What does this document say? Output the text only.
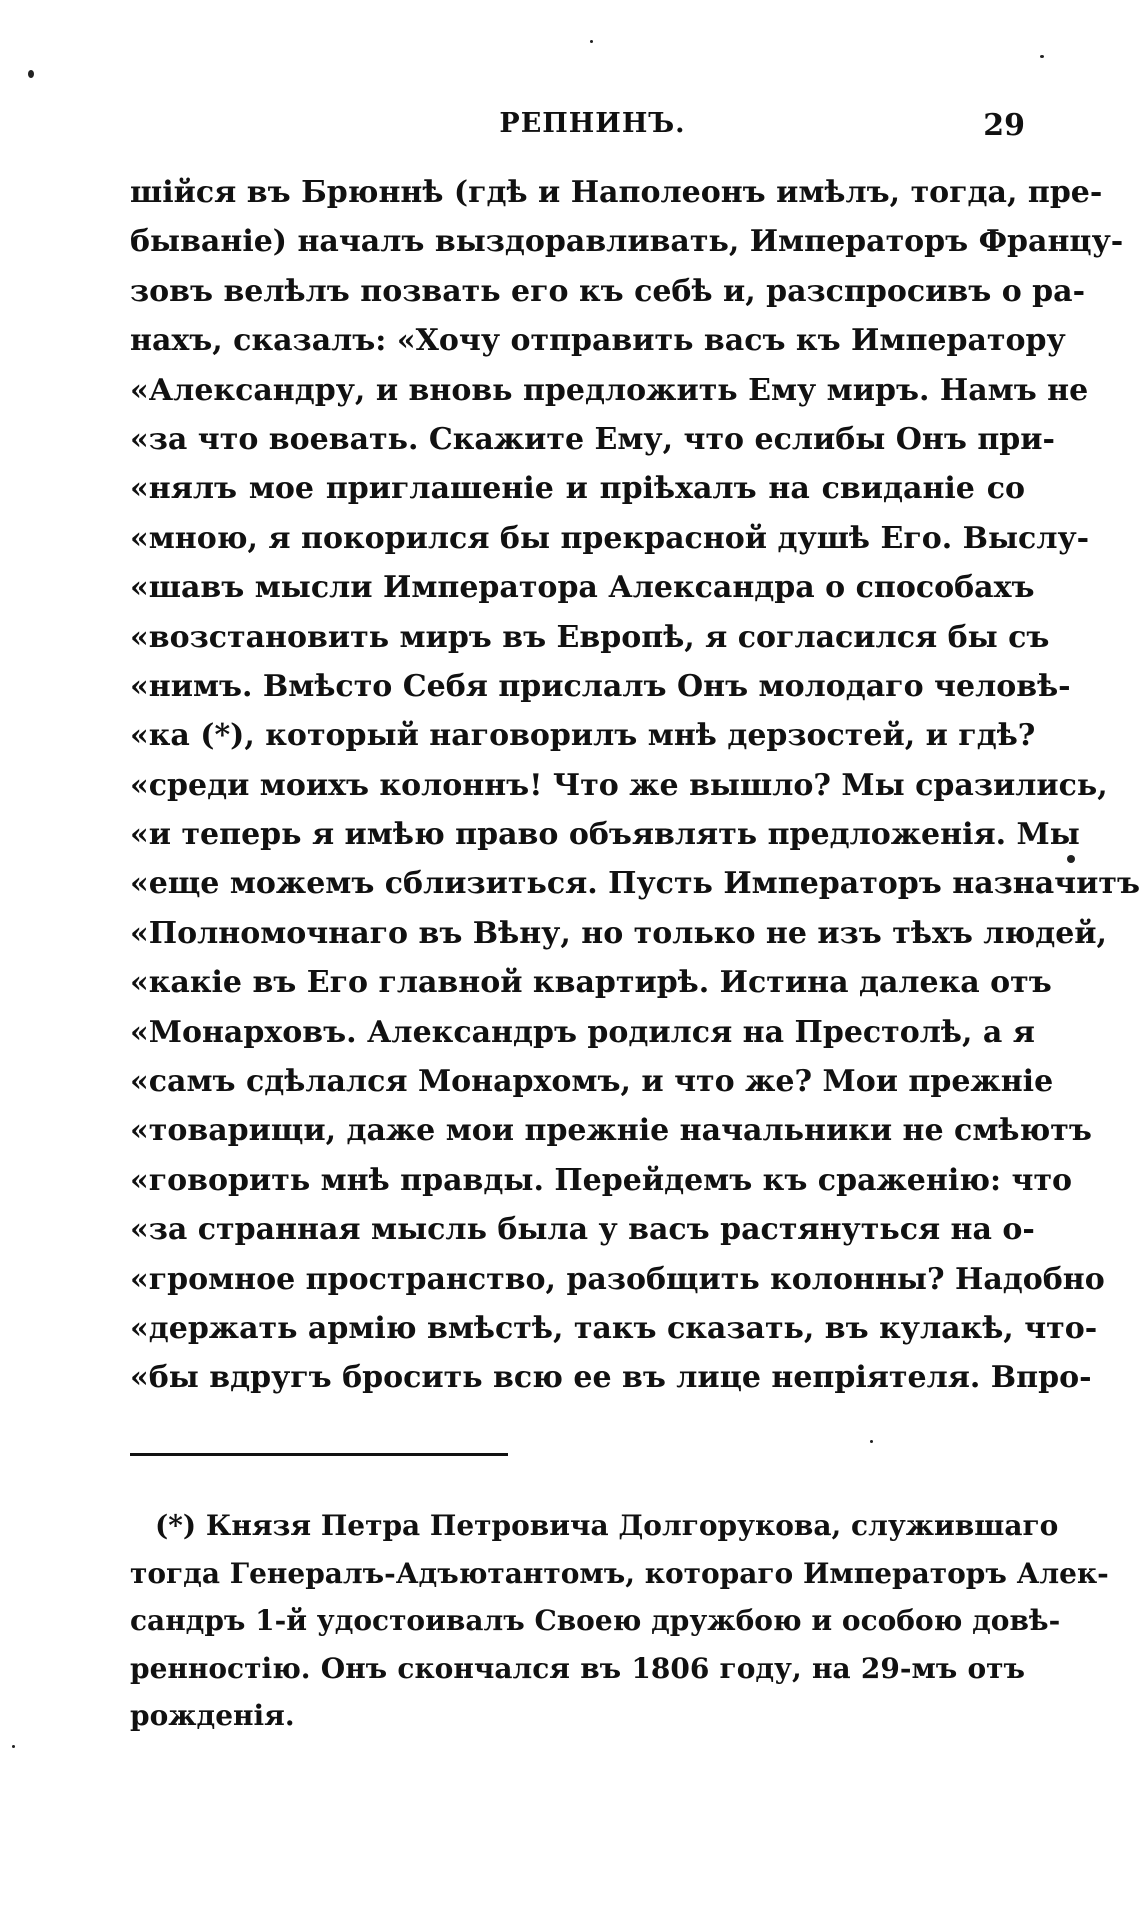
РЕПНИНЪ.	29
шійся въ Брюннѣ (гдѣ и Наполеонъ имѣлъ, тогда, пре-
бываніе) началъ выздоравливать, Императоръ Францу-
зовъ велѣлъ позвать его къ себѣ и, разспросивъ о ра-
нахъ, сказалъ: «Хочу отправить васъ къ Императору
«Александру, и вновь предложить Ему миръ. Намъ не
«за что воевать. Скажите Ему, что еслибы Онъ при-
«нялъ мое приглашеніе и пріѣхалъ на свиданіе со
«мною, я покорился бы прекрасной душѣ Его. Выслу-
«шавъ мысли Императора Александра о способахъ
«возстановить миръ въ Европѣ, я согласился бы съ
«нимъ. Вмѣсто Себя прислалъ Онъ молодаго человѣ-
«ка (*), который наговорилъ мнѣ дерзостей, и гдѣ?
«среди моихъ колоннъ! Что же вышло? Мы сразились,
«и теперь я имѣю право объявлять предложенія. Мы
«еще можемъ сблизиться. Пусть Императоръ назначитъ
«Полномочнаго въ Вѣну, но только не изъ тѣхъ людей,
«какіе въ Его главной квартирѣ. Истина далека отъ
«Монарховъ. Александръ родился на Престолѣ, а я
«самъ сдѣлался Монархомъ, и что же? Мои прежніе
«товарищи, даже мои прежніе начальники не смѣютъ
«говорить мнѣ правды. Перейдемъ къ сраженію: что
«за странная мысль была у васъ растянуться на о-
«громное пространство, разобщить колонны? Надобно
«держать армію вмѣстѣ, такъ сказать, въ кулакѣ, что-
«бы вдругъ бросить всю ее въ лице непріятеля. Впро-
(*) Князя Петра Петровича Долгорукова, служившаго
тогда Генералъ-Адъютантомъ, котораго Императоръ Алек-
сандръ 1-й удостоивалъ Своею дружбою и особою довѣ-
ренностію. Онъ скончался въ 1806 году, на 29-мъ отъ
рожденія.
